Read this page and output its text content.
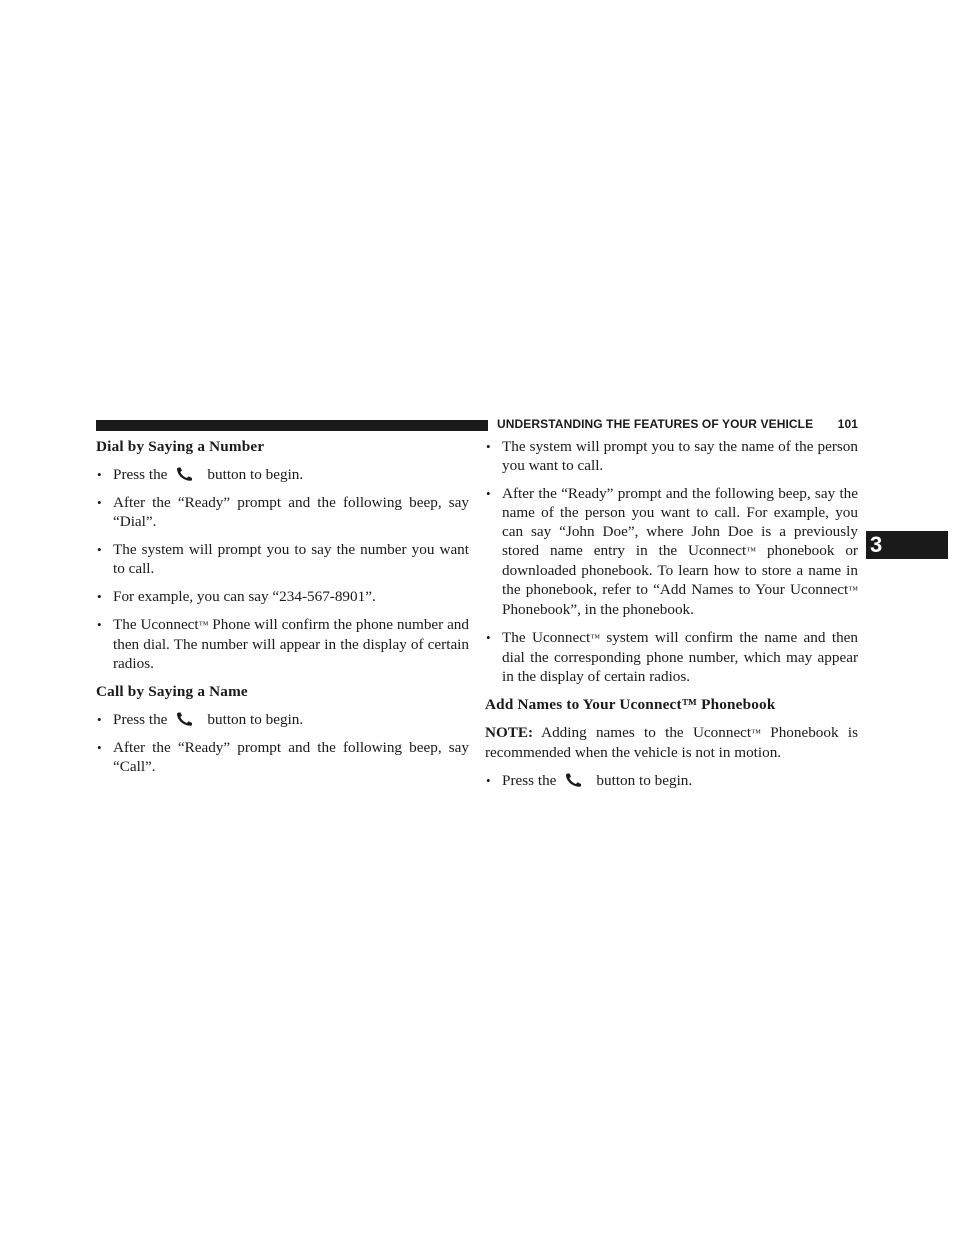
UNDERSTANDING THE FEATURES OF YOUR VEHICLE 101
3
Dial by Saying a Number
• Press the	button to begin.
• After the “Ready” prompt and the following beep, say “Dial”.
• The system will prompt you to say the number you want to call.
• For example, you can say “234-567-8901”.
• The Uconnect™ Phone will confirm the phone number and then dial. The number will appear in the display of certain radios.
Call by Saying a Name
• Press the	button to begin.
• After the “Ready” prompt and the following beep, say “Call”.
• The system will prompt you to say the name of the person you want to call.
• After the “Ready” prompt and the following beep, say the name of the person you want to call. For example, you can say “John Doe”, where John Doe is a previously stored name entry in the Uconnect™ phonebook or downloaded phonebook. To learn how to store a name in the phonebook, refer to “Add Names to Your Uconnect™ Phonebook”, in the phonebook.
• The Uconnect™ system will confirm the name and then dial the corresponding phone number, which may appear in the display of certain radios.
Add Names to Your Uconnect™ Phonebook

NOTE: Adding names to the Uconnect™ Phonebook is recommended when the vehicle is not in motion.

• Press the	button to begin.
